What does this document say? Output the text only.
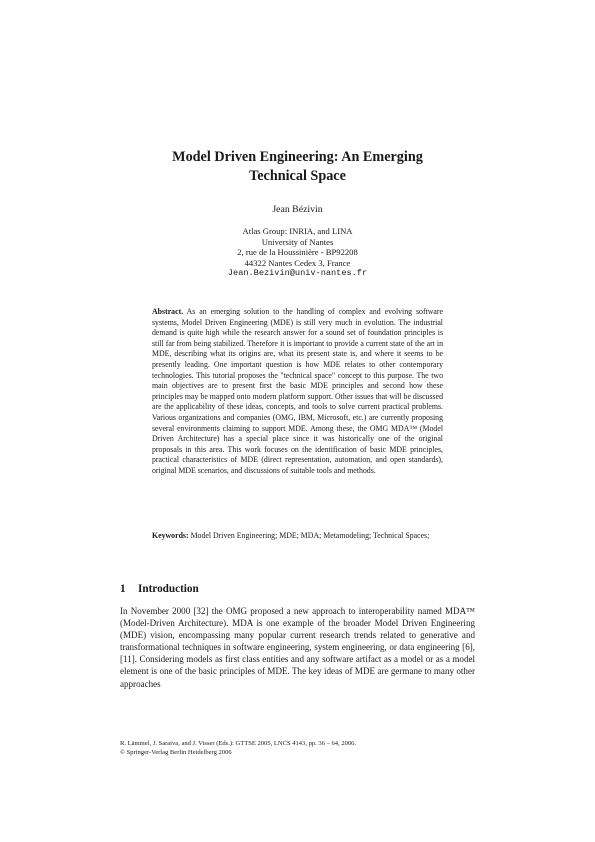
Model Driven Engineering: An Emerging
Technical Space
Jean Bézivin
Atlas Group: INRIA, and LINA
University of Nantes
2, rue de la Houssinière - BP92208
44322 Nantes Cedex 3, France
Jean.Bezivin@univ-nantes.fr

Abstract. As an emerging solution to the handling of complex and evolving software systems, Model Driven Engineering (MDE) is still very much in evolution. The industrial demand is quite high while the research answer for a sound set of foundation principles is still far from being stabilized. Therefore it is important to provide a current state of the art in MDE, describing what its origins are, what its present state is, and where it seems to be presently leading. One important question is how MDE relates to other contemporary technologies. This tutorial proposes the "technical space" concept to this purpose. The two main objectives are to present first the basic MDE principles and second how these principles may be mapped onto modern platform support. Other issues that will be discussed are the applicability of these ideas, concepts, and tools to solve current practical problems. Various organizations and companies (OMG, IBM, Microsoft, etc.) are currently proposing several environments claiming to support MDE. Among these, the OMG MDA™ (Model Driven Architecture) has a special place since it was historically one of the original proposals in this area. This work focuses on the identification of basic MDE principles, practical characteristics of MDE (direct representation, automation, and open standards), original MDE scenarios, and discussions of suitable tools and methods.

Keywords: Model Driven Engineering; MDE; MDA; Metamodeling; Technical Spaces;

1 Introduction

In November 2000 [32] the OMG proposed a new approach to interoperability named MDA™ (Model-Driven Architecture). MDA is one example of the broader Model Driven Engineering (MDE) vision, encompassing many popular current research trends related to generative and transformational techniques in software engineering, system engineering, or data engineering [6], [11]. Considering models as first class entities and any software artifact as a model or as a model element is one of the basic principles of MDE. The key ideas of MDE are germane to many other approaches

R. Lämmel, J. Saraiva, and J. Visser (Eds.): GTTSE 2005, LNCS 4143, pp. 36 – 64, 2006.
© Springer-Verlag Berlin Heidelberg 2006
